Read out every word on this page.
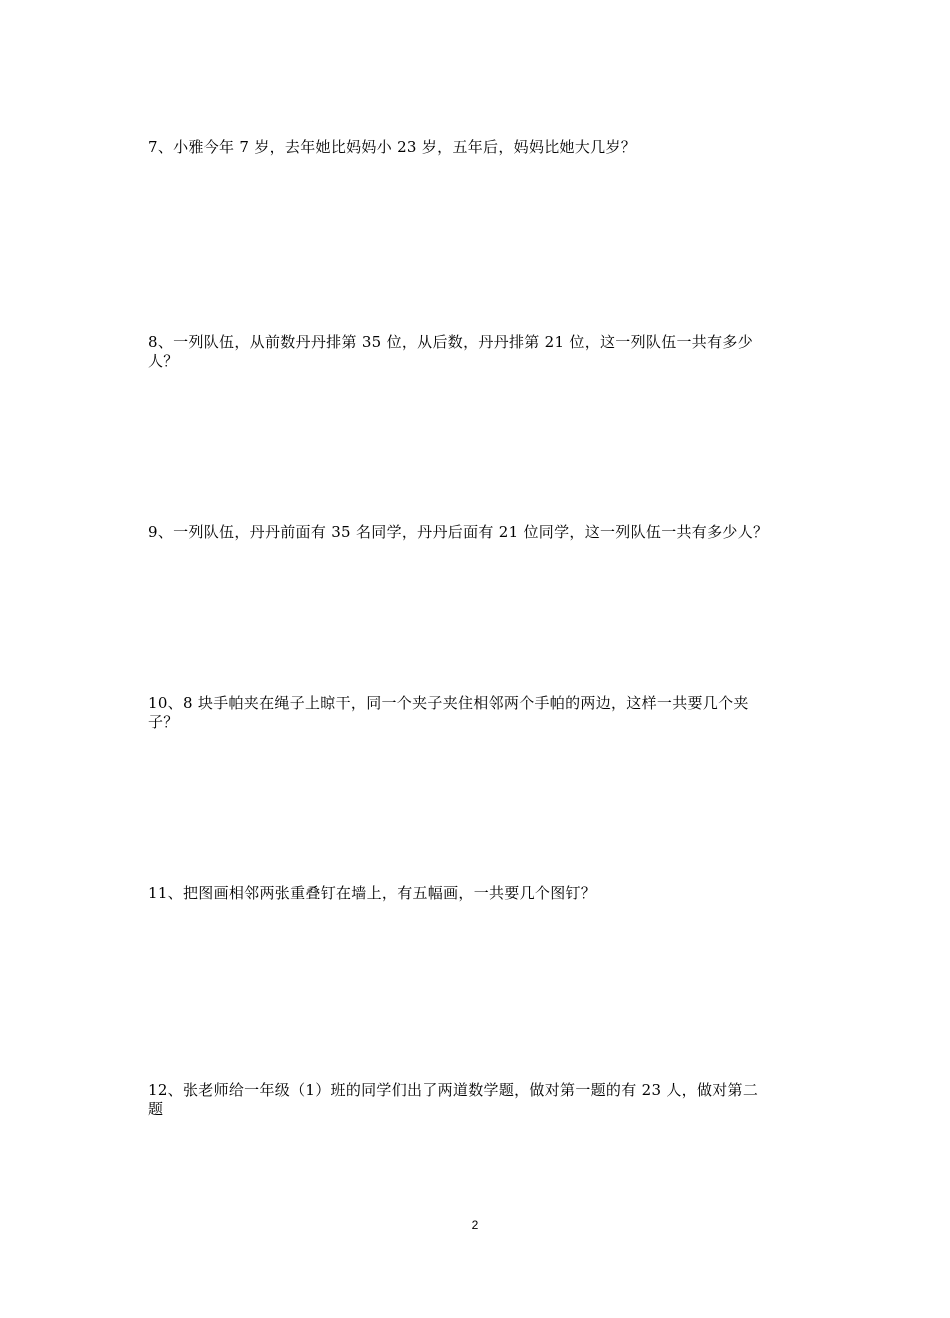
7、小雅今年 7 岁，去年她比妈妈小 23 岁，五年后，妈妈比她大几岁？
8、一列队伍，从前数丹丹排第 35 位，从后数，丹丹排第 21 位，这一列队伍一共有多少
人？
9、一列队伍，丹丹前面有 35 名同学，丹丹后面有 21 位同学，这一列队伍一共有多少人？
10、8 块手帕夹在绳子上晾干，同一个夹子夹住相邻两个手帕的两边，这样一共要几个夹
子？
11、把图画相邻两张重叠钉在墙上，有五幅画，一共要几个图钉？
12、张老师给一年级（1）班的同学们出了两道数学题，做对第一题的有 23 人，做对第二
题
2
